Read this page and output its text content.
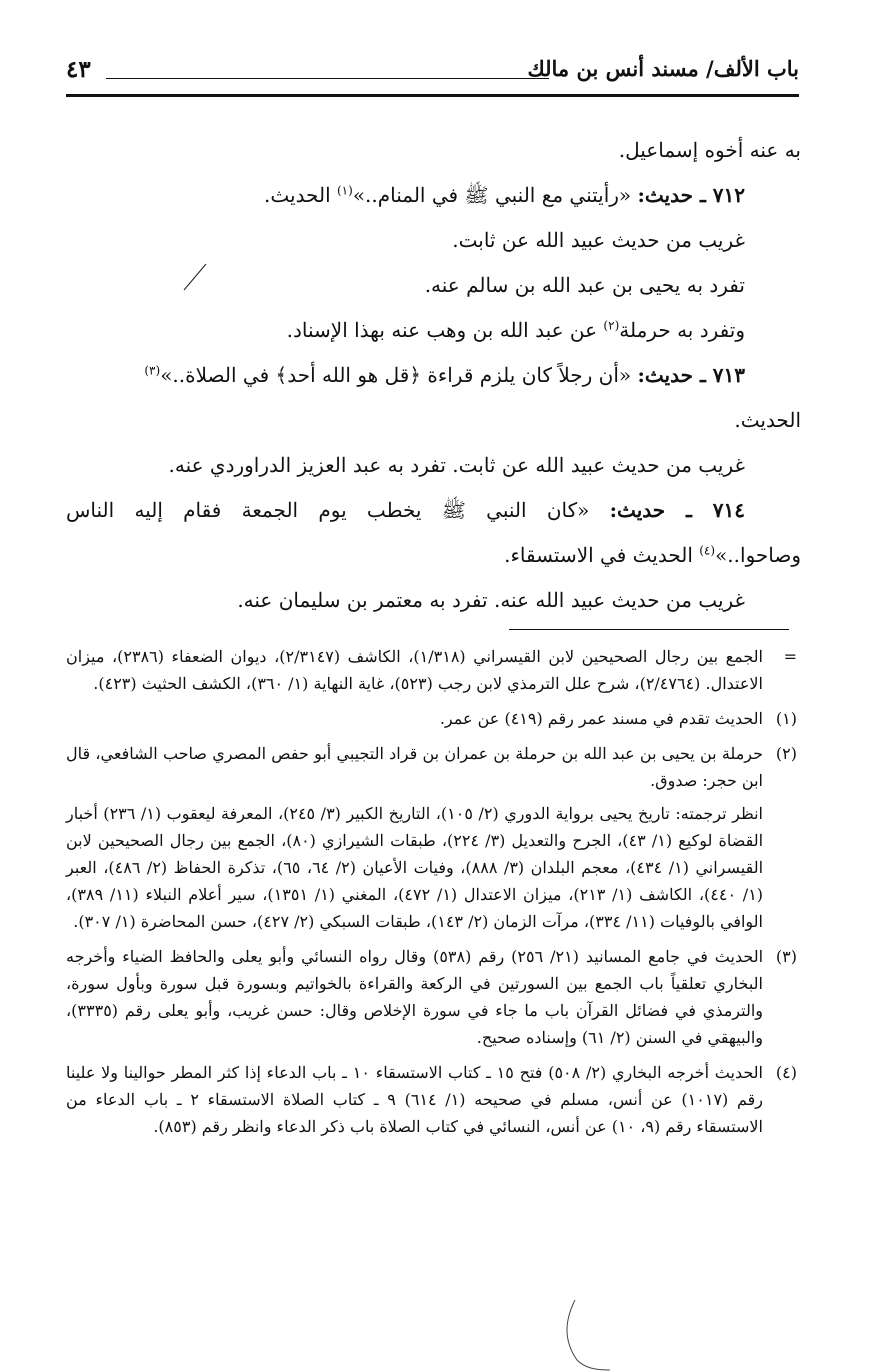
باب الألف/ مسند أنس بن مالك
٤٣

به عنه أخوه إسماعيل.

٧١٢ ـ حديث: «رأيتني مع النبي ﷺ في المنام..»$^{(١)}$ الحديث.

غريب من حديث عبيد الله عن ثابت.

تفرد به يحيى بن عبد الله بن سالم عنه.

وتفرد به حرملة$^{(٢)}$ عن عبد الله بن وهب عنه بهذا الإسناد.

٧١٣ ـ حديث: «أن رجلاً كان يلزم قراءة ﴿قل هو الله أحد﴾ في الصلاة..»$^{(٣)}$

الحديث.

غريب من حديث عبيد الله عن ثابت. تفرد به عبد العزيز الدراوردي عنه.

٧١٤ ـ حديث: «كان النبي ﷺ يخطب يوم الجمعة فقام إليه الناس

وصاحوا..»$^{(٤)}$ الحديث في الاستسقاء.

غريب من حديث عبيد الله عنه. تفرد به معتمر بن سليمان عنه.

=

الجمع بين رجال الصحيحين لابن القيسراني (١/٣١٨)، الكاشف (٢/٣١٤٧)، ديوان الضعفاء (٢٣٨٦)، ميزان الاعتدال. (٢/٤٧٦٤)، شرح علل الترمذي لابن رجب (٥٢٣)، غاية النهاية (١/ ٣٦٠)، الكشف الحثيث (٤٢٣).

(١)

الحديث تقدم في مسند عمر رقم (٤١٩) عن عمر.

(٢)

حرملة بن يحيى بن عبد الله بن حرملة بن عمران بن قراد التجيبي أبو حفص المصري صاحب الشافعي، قال ابن حجر: صدوق.

انظر ترجمته: تاريخ يحيى برواية الدوري (٢/ ١٠٥)، التاريخ الكبير (٣/ ٢٤٥)، المعرفة ليعقوب (١/ ٢٣٦) أخبار القضاة لوكيع (١/ ٤٣)، الجرح والتعديل (٣/ ٢٢٤)، طبقات الشيرازي (٨٠)، الجمع بين رجال الصحيحين لابن القيسراني (١/ ٤٣٤)، معجم البلدان (٣/ ٨٨٨)، وفيات الأعيان (٢/ ٦٤، ٦٥)، تذكرة الحفاظ (٢/ ٤٨٦)، العبر (١/ ٤٤٠)، الكاشف (١/ ٢١٣)، ميزان الاعتدال (١/ ٤٧٢)، المغني (١/ ١٣٥١)، سير أعلام النبلاء (١١/ ٣٨٩)، الوافي بالوفيات (١١/ ٣٣٤)، مرآت الزمان (٢/ ١٤٣)، طبقات السبكي (٢/ ٤٢٧)، حسن المحاضرة (١/ ٣٠٧).

(٣)

الحديث في جامع المسانيد (٢١/ ٢٥٦) رقم (٥٣٨) وقال رواه النسائي وأبو يعلى والحافظ الضياء وأخرجه البخاري تعلقياً باب الجمع بين السورتين في الركعة والقراءة بالخواتيم وبسورة قبل سورة وبأول سورة، والترمذي في فضائل القرآن باب ما جاء في سورة الإخلاص وقال: حسن غريب، وأبو يعلى رقم (٣٣٣٥)، والبيهقي في السنن (٢/ ٦١) وإسناده صحيح.

(٤)

الحديث أخرجه البخاري (٢/ ٥٠٨) فتح ١٥ ـ كتاب الاستسقاء ١٠ ـ باب الدعاء إذا كثر المطر حوالينا ولا علينا رقم (١٠١٧) عن أنس، مسلم في صحيحه (١/ ٦١٤) ٩ ـ كتاب الصلاة الاستسقاء ٢ ـ باب الدعاء من الاستسقاء رقم (٩، ١٠) عن أنس، النسائي في كتاب الصلاة باب ذكر الدعاء وانظر رقم (٨٥٣).
